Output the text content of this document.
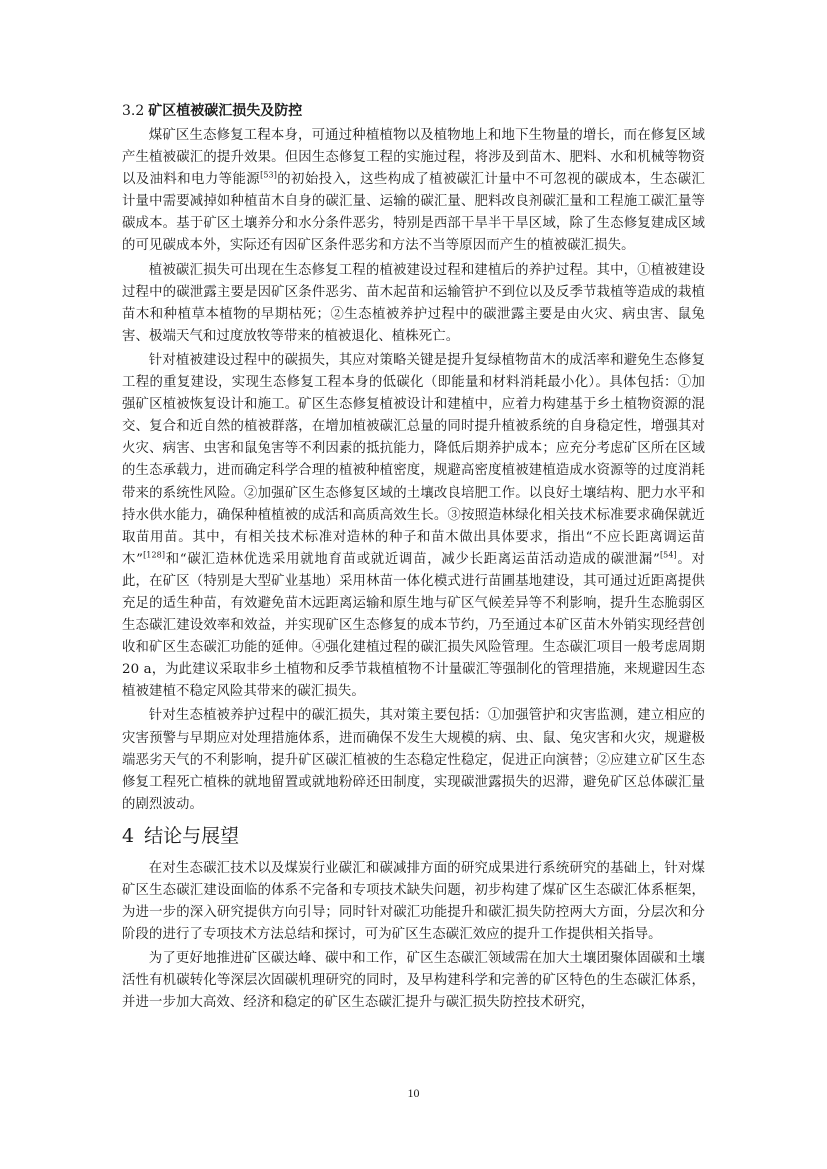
3.2 矿区植被碳汇损失及防控

煤矿区生态修复工程本身，可通过种植植物以及植物地上和地下生物量的增长，而在修复区域产生植被碳汇的提升效果。但因生态修复工程的实施过程，将涉及到苗木、肥料、水和机械等物资以及油料和电力等能源[53]的初始投入，这些构成了植被碳汇计量中不可忽视的碳成本，生态碳汇计量中需要减掉如种植苗木自身的碳汇量、运输的碳汇量、肥料改良剂碳汇量和工程施工碳汇量等碳成本。基于矿区土壤养分和水分条件恶劣，特别是西部干旱半干旱区域，除了生态修复建成区域的可见碳成本外，实际还有因矿区条件恶劣和方法不当等原因而产生的植被碳汇损失。

植被碳汇损失可出现在生态修复工程的植被建设过程和建植后的养护过程。其中，①植被建设过程中的碳泄露主要是因矿区条件恶劣、苗木起苗和运输管护不到位以及反季节栽植等造成的栽植苗木和种植草本植物的早期枯死；②生态植被养护过程中的碳泄露主要是由火灾、病虫害、鼠兔害、极端天气和过度放牧等带来的植被退化、植株死亡。

针对植被建设过程中的碳损失，其应对策略关键是提升复绿植物苗木的成活率和避免生态修复工程的重复建设，实现生态修复工程本身的低碳化（即能量和材料消耗最小化）。具体包括：①加强矿区植被恢复设计和施工。矿区生态修复植被设计和建植中，应着力构建基于乡土植物资源的混交、复合和近自然的植被群落，在增加植被碳汇总量的同时提升植被系统的自身稳定性，增强其对火灾、病害、虫害和鼠兔害等不利因素的抵抗能力，降低后期养护成本；应充分考虑矿区所在区域的生态承载力，进而确定科学合理的植被种植密度，规避高密度植被建植造成水资源等的过度消耗带来的系统性风险。②加强矿区生态修复区域的土壤改良培肥工作。以良好土壤结构、肥力水平和持水供水能力，确保种植植被的成活和高质高效生长。③按照造林绿化相关技术标准要求确保就近取苗用苗。其中，有相关技术标准对造林的种子和苗木做出具体要求，指出“不应长距离调运苗木”[128]和“碳汇造林优选采用就地育苗或就近调苗，减少长距离运苗活动造成的碳泄漏”[54]。对此，在矿区（特别是大型矿业基地）采用林苗一体化模式进行苗圃基地建设，其可通过近距离提供充足的适生种苗，有效避免苗木远距离运输和原生地与矿区气候差异等不利影响，提升生态脆弱区生态碳汇建设效率和效益，并实现矿区生态修复的成本节约，乃至通过本矿区苗木外销实现经营创收和矿区生态碳汇功能的延伸。④强化建植过程的碳汇损失风险管理。生态碳汇项目一般考虑周期 20 a，为此建议采取非乡土植物和反季节栽植植物不计量碳汇等强制化的管理措施，来规避因生态植被建植不稳定风险其带来的碳汇损失。

针对生态植被养护过程中的碳汇损失，其对策主要包括：①加强管护和灾害监测，建立相应的灾害预警与早期应对处理措施体系，进而确保不发生大规模的病、虫、鼠、兔灾害和火灾，规避极端恶劣天气的不利影响，提升矿区碳汇植被的生态稳定性稳定，促进正向演替；②应建立矿区生态修复工程死亡植株的就地留置或就地粉碎还田制度，实现碳泄露损失的迟滞，避免矿区总体碳汇量的剧烈波动。

4 结论与展望

在对生态碳汇技术以及煤炭行业碳汇和碳减排方面的研究成果进行系统研究的基础上，针对煤矿区生态碳汇建设面临的体系不完备和专项技术缺失问题，初步构建了煤矿区生态碳汇体系框架，为进一步的深入研究提供方向引导；同时针对碳汇功能提升和碳汇损失防控两大方面，分层次和分阶段的进行了专项技术方法总结和探讨，可为矿区生态碳汇效应的提升工作提供相关指导。

为了更好地推进矿区碳达峰、碳中和工作，矿区生态碳汇领域需在加大土壤团聚体固碳和土壤活性有机碳转化等深层次固碳机理研究的同时，及早构建科学和完善的矿区特色的生态碳汇体系，并进一步加大高效、经济和稳定的矿区生态碳汇提升与碳汇损失防控技术研究，

10
